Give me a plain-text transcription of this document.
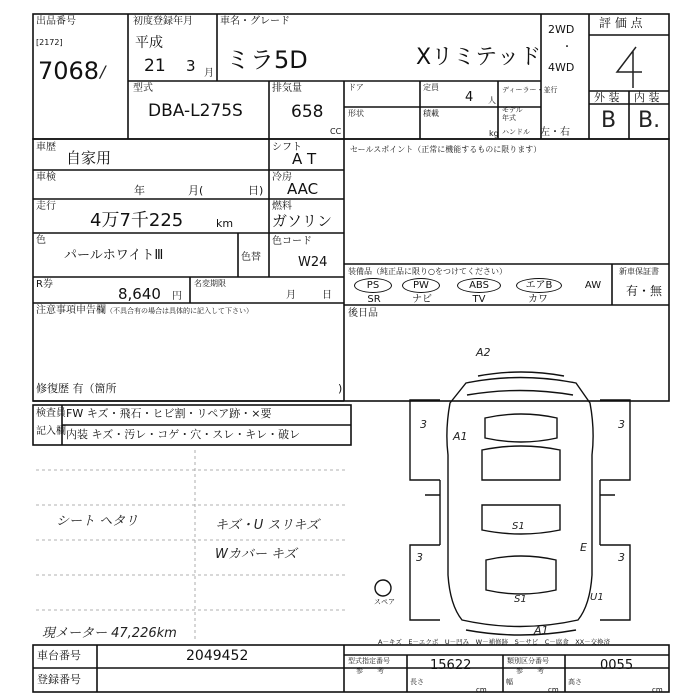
出品番号
[2172]
7068 /
初度登録年月
平成
21 3 月
車名・グレード
ミラ5D	Xリミテッド
2WD
・
4WD
評 価 点
外 装 内 装
B B.
型式
DBA-L275S
排気量
658
CC
ドア	定員
4 人
ディーラー・並行
形状	積載
kg
モデル年式
ハンドル 左・右
車歴
自家用
シフト
A T
車検
年	月(	日)
冷房
AAC
走行
4万7千225	km
燃料
ガソリン
色
パールホワイトⅢ	色替
色コード
W24
R券
8,640 円
名変期限
月	日
注意事項申告欄 （不具合有の場合は具体的に記入して下さい）
修復歴 有（箇所	)
セールスポイント（正常に機能するものに限ります）
装備品（純正品に限り○をつけてください）
PS	PW	ABS	エアB	AW
SR	ナビ	TV	カワ
新車保証書
有・無
後日品
検査員
記入欄
FW キズ・飛石・ヒビ割・リペア跡・×要
内装 キズ・汚レ・コゲ・穴・スレ・キレ・破レ
シート ヘタリ	キズ・U スリキズ
Wカバー キズ
現メーター 47,226km
A2
A1
3	3
3	3
S1
E
S1	U1
A1
スペア
A－キズ　E－エクボ　U－凹み　W－補修跡　S－サビ　C－腐食　XX－交換済
車台番号	2049452
登録番号
型式指定番号	15622	類別区分番号	0055
参　　考	参　　考
長さ
cm
幅
cm
高さ
cm
